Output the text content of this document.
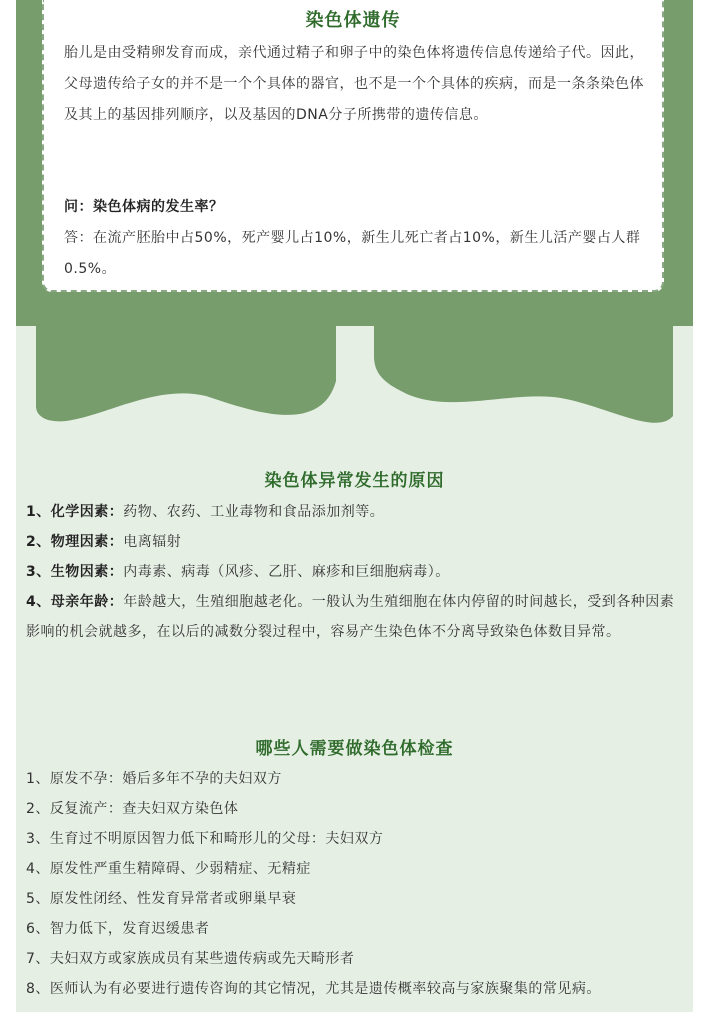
染色体遗传
胎儿是由受精卵发育而成，亲代通过精子和卵子中的染色体将遗传信息传递给子代。因此，父母遗传给子女的并不是一个个具体的器官，也不是一个个具体的疾病，而是一条条染色体及其上的基因排列顺序，以及基因的DNA分子所携带的遗传信息。
问：染色体病的发生率？
答：在流产胚胎中占50%，死产婴儿占10%，新生儿死亡者占10%，新生儿活产婴占人群0.5%。
染色体异常发生的原因
1、化学因素：药物、农药、工业毒物和食品添加剂等。
2、物理因素：电离辐射
3、生物因素：内毒素、病毒（风疹、乙肝、麻疹和巨细胞病毒）。
4、母亲年龄：年龄越大，生殖细胞越老化。一般认为生殖细胞在体内停留的时间越长，受到各种因素影响的机会就越多，在以后的减数分裂过程中，容易产生染色体不分离导致染色体数目异常。
哪些人需要做染色体检查
1、原发不孕：婚后多年不孕的夫妇双方
2、反复流产：查夫妇双方染色体
3、生育过不明原因智力低下和畸形儿的父母：夫妇双方
4、原发性严重生精障碍、少弱精症、无精症
5、原发性闭经、性发育异常者或卵巢早衰
6、智力低下，发育迟缓患者
7、夫妇双方或家族成员有某些遗传病或先天畸形者
8、医师认为有必要进行遗传咨询的其它情况，尤其是遗传概率较高与家族聚集的常见病。
